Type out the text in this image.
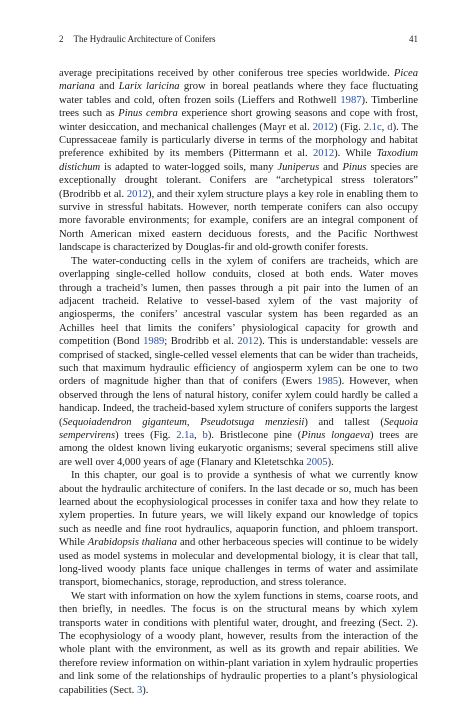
2 The Hydraulic Architecture of Conifers	41

average precipitations received by other coniferous tree species worldwide. Picea mariana and Larix laricina grow in boreal peatlands where they face fluctuating water tables and cold, often frozen soils (Lieffers and Rothwell 1987). Timberline trees such as Pinus cembra experience short growing seasons and cope with frost, winter desiccation, and mechanical challenges (Mayr et al. 2012) (Fig. 2.1c, d). The Cupressaceae family is particularly diverse in terms of the morphology and habitat preference exhibited by its members (Pittermann et al. 2012). While Taxodium distichum is adapted to water-logged soils, many Juniperus and Pinus species are exceptionally drought tolerant. Conifers are “archetypical stress tolerators” (Brodribb et al. 2012), and their xylem structure plays a key role in enabling them to survive in stressful habitats. However, north temperate conifers can also occupy more favorable environments; for example, conifers are an integral component of North American mixed eastern deciduous forests, and the Pacific Northwest landscape is characterized by Douglas-fir and old-growth conifer forests.

The water-conducting cells in the xylem of conifers are tracheids, which are overlapping single-celled hollow conduits, closed at both ends. Water moves through a tracheid’s lumen, then passes through a pit pair into the lumen of an adjacent tracheid. Relative to vessel-based xylem of the vast majority of angiosperms, the conifers’ ancestral vascular system has been regarded as an Achilles heel that limits the conifers’ physiological capacity for growth and competition (Bond 1989; Brodribb et al. 2012). This is understandable: vessels are comprised of stacked, single-celled vessel elements that can be wider than tracheids, such that maximum hydraulic efficiency of angiosperm xylem can be one to two orders of magnitude higher than that of conifers (Ewers 1985). However, when observed through the lens of natural history, conifer xylem could hardly be called a handicap. Indeed, the tracheid-based xylem structure of conifers supports the largest (Sequoiadendron giganteum, Pseudotsuga menziesii) and tallest (Sequoia sempervirens) trees (Fig. 2.1a, b). Bristlecone pine (Pinus longaeva) trees are among the oldest known living eukaryotic organisms; several specimens still alive are well over 4,000 years of age (Flanary and Kletetschka 2005).

In this chapter, our goal is to provide a synthesis of what we currently know about the hydraulic architecture of conifers. In the last decade or so, much has been learned about the ecophysiological processes in conifer taxa and how they relate to xylem properties. In future years, we will likely expand our knowledge of topics such as needle and fine root hydraulics, aquaporin function, and phloem transport. While Arabidopsis thaliana and other herbaceous species will continue to be widely used as model systems in molecular and developmental biology, it is clear that tall, long-lived woody plants face unique challenges in terms of water and assimilate transport, biomechanics, storage, reproduction, and stress tolerance.

We start with information on how the xylem functions in stems, coarse roots, and then briefly, in needles. The focus is on the structural means by which xylem transports water in conditions with plentiful water, drought, and freezing (Sect. 2). The ecophysiology of a woody plant, however, results from the interaction of the whole plant with the environment, as well as its growth and repair abilities. We therefore review information on within-plant variation in xylem hydraulic properties and link some of the relationships of hydraulic properties to a plant’s physiological capabilities (Sect. 3).
